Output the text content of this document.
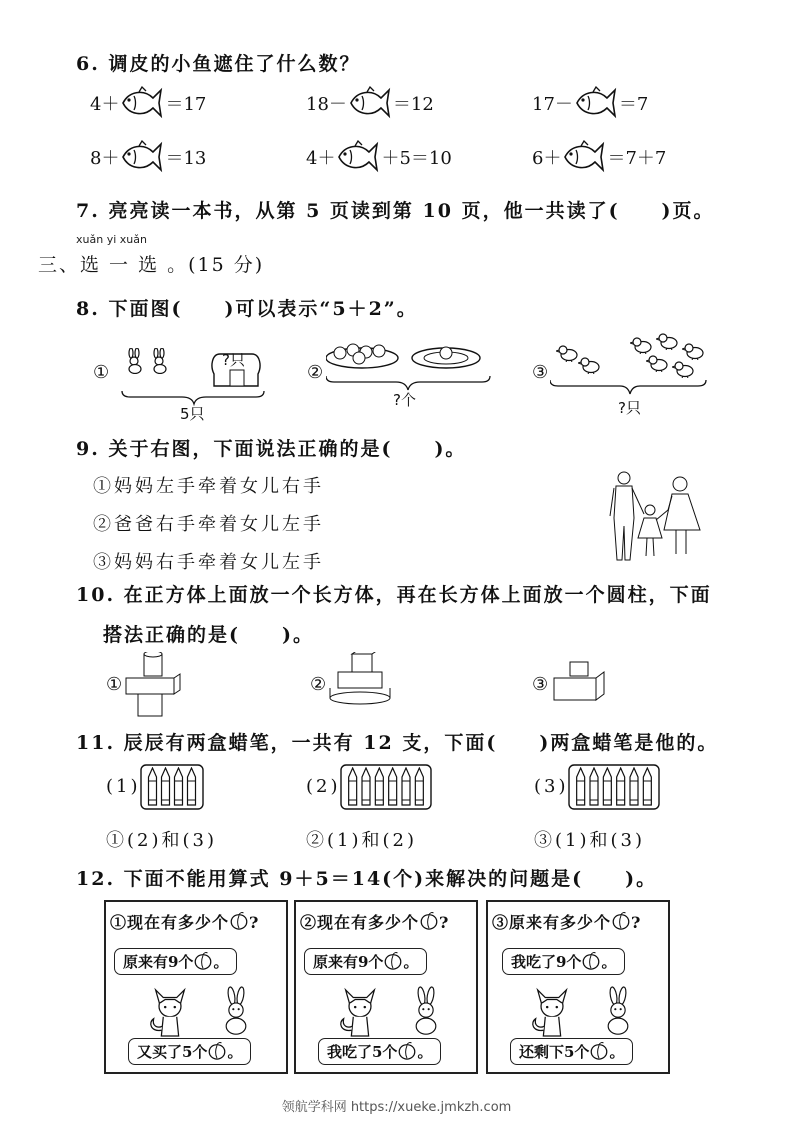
6. 调皮的小鱼遮住了什么数？
4＋	＝17	18－	＝12	17－	＝7
8＋	＝13	4＋	＋5＝10	6＋	＝7＋7
7. 亮亮读一本书，从第 5 页读到第 10 页，他一共读了(　　)页。
xuǎn yi xuǎn
三、选 一 选 。(15 分)
8. 下面图(　　)可以表示“5＋2”。
①
?只
5只
②
?个
③
?只
9. 关于右图，下面说法正确的是(　　)。
①妈妈左手牵着女儿右手
②爸爸右手牵着女儿左手
③妈妈右手牵着女儿左手
10. 在正方体上面放一个长方体，再在长方体上面放一个圆柱，下面
搭法正确的是(　　)。
①	②	③
11. 辰辰有两盒蜡笔，一共有 12 支，下面(　　)两盒蜡笔是他的。
(1)	(2)	(3)
①(2)和(3)	②(1)和(2)	③(1)和(3)
12. 下面不能用算式 9＋5＝14(个)来解决的问题是(　　)。
①现在有多少个 ?
原来有9个 。
又买了5个 。
②现在有多少个 ?
原来有9个 。
我吃了5个 。
③原来有多少个 ?
我吃了9个 。
还剩下5个 。
领航学科网 https://xueke.jmkzh.com
